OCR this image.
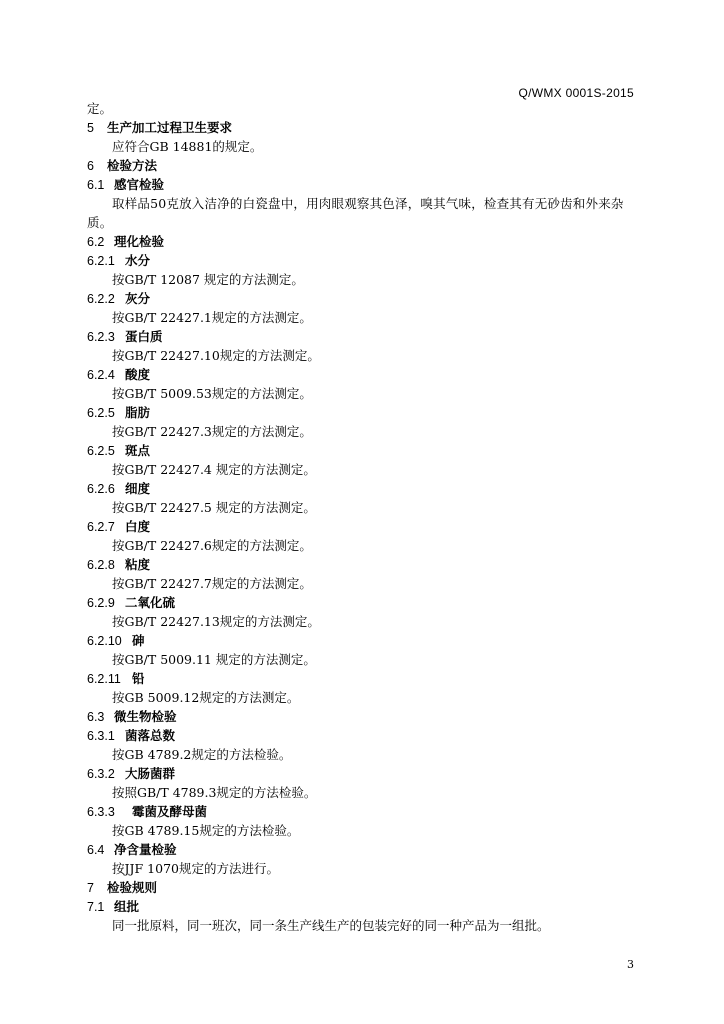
Q/WMX 0001S-2015
定。
5 生产加工过程卫生要求
应符合GB 14881的规定。
6 检验方法
6.1 感官检验
取样品50克放入洁净的白瓷盘中，用肉眼观察其色泽，嗅其气味，检查其有无砂齿和外来杂质。
6.2 理化检验
6.2.1 水分
按GB/T 12087 规定的方法测定。
6.2.2 灰分
按GB/T 22427.1规定的方法测定。
6.2.3 蛋白质
按GB/T 22427.10规定的方法测定。
6.2.4 酸度
按GB/T 5009.53规定的方法测定。
6.2.5 脂肪
按GB/T 22427.3规定的方法测定。
6.2.5 斑点
按GB/T 22427.4 规定的方法测定。
6.2.6 细度
按GB/T 22427.5 规定的方法测定。
6.2.7 白度
按GB/T 22427.6规定的方法测定。
6.2.8 粘度
按GB/T 22427.7规定的方法测定。
6.2.9 二氧化硫
按GB/T 22427.13规定的方法测定。
6.2.10 砷
按GB/T 5009.11 规定的方法测定。
6.2.11 铅
按GB 5009.12规定的方法测定。
6.3 微生物检验
6.3.1 菌落总数
按GB 4789.2规定的方法检验。
6.3.2 大肠菌群
按照GB/T 4789.3规定的方法检验。
6.3.3 霉菌及酵母菌
按GB 4789.15规定的方法检验。
6.4 净含量检验
按JJF 1070规定的方法进行。
7 检验规则
7.1 组批
同一批原料，同一班次，同一条生产线生产的包装完好的同一种产品为一组批。
3
